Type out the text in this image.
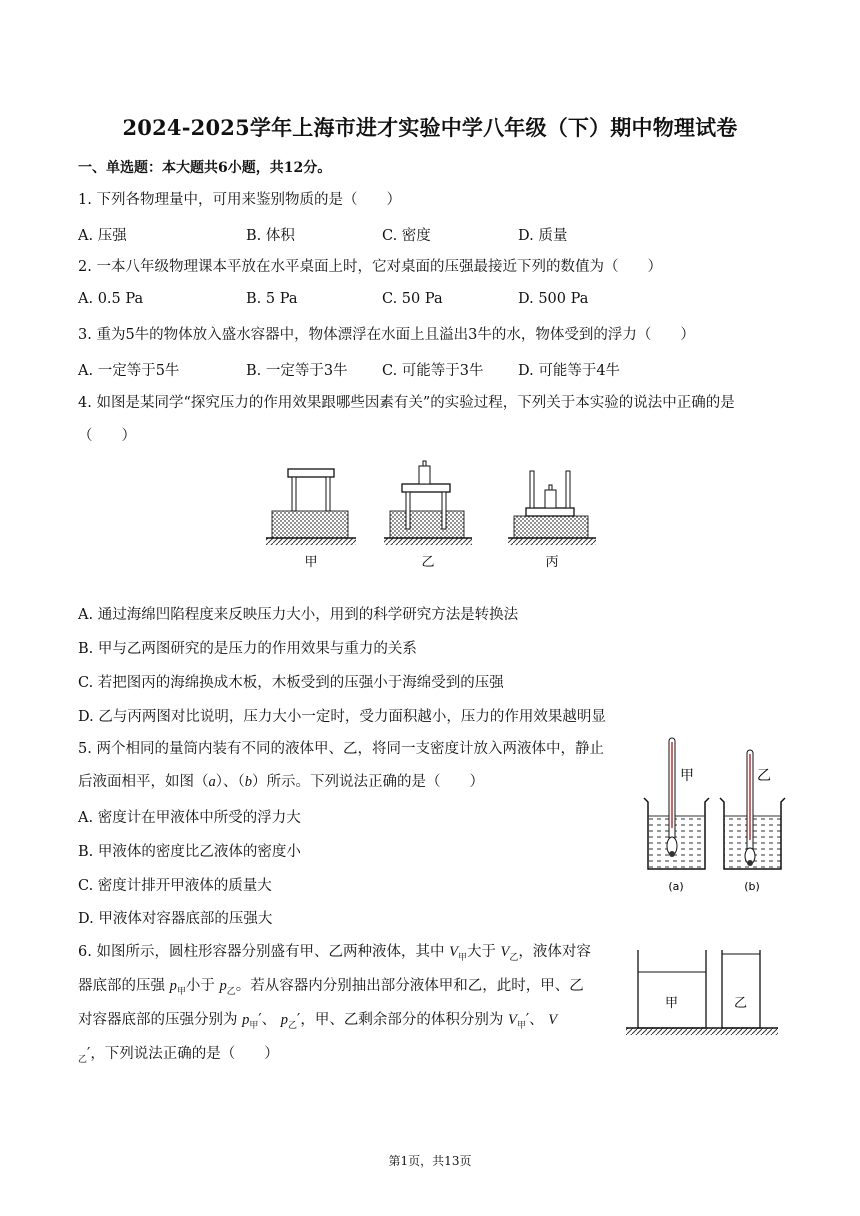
2024-2025学年上海市进才实验中学八年级（下）期中物理试卷
一、单选题：本大题共6小题，共12分。
1. 下列各物理量中，可用来鉴别物质的是（　　）
A. 压强	B. 体积	C. 密度	D. 质量
2. 一本八年级物理课本平放在水平桌面上时，它对桌面的压强最接近下列的数值为（　　）
A. 0.5 Pa	B. 5 Pa	C. 50 Pa	D. 500 Pa
3. 重为5牛的物体放入盛水容器中，物体漂浮在水面上且溢出3牛的水，物体受到的浮力（　　）
A. 一定等于5牛	B. 一定等于3牛 C. 可能等于3牛 D. 可能等于4牛
4. 如图是某同学“探究压力的作用效果跟哪些因素有关”的实验过程，下列关于本实验的说法中正确的是
（　　）
甲	乙	丙
A. 通过海绵凹陷程度来反映压力大小，用到的科学研究方法是转换法
B. 甲与乙两图研究的是压力的作用效果与重力的关系
C. 若把图丙的海绵换成木板，木板受到的压强小于海绵受到的压强
D. 乙与丙两图对比说明，压力大小一定时，受力面积越小，压力的作用效果越明显
5. 两个相同的量筒内装有不同的液体甲、乙，将同一支密度计放入两液体中，静止
后液面相平，如图（a）、（b）所示。下列说法正确的是（　　）
A. 密度计在甲液体中所受的浮力大
B. 甲液体的密度比乙液体的密度小
C. 密度计排开甲液体的质量大
D. 甲液体对容器底部的压强大
甲
(a)
乙
(b)
6. 如图所示，圆柱形容器分别盛有甲、乙两种液体，其中 $V_甲$大于 $V_乙$，液体对容
器底部的压强 $p_甲$小于 $p_乙$。若从容器内分别抽出部分液体甲和乙，此时，甲、乙
对容器底部的压强分别为 $p_甲'$、 $p_乙'$，甲、乙剩余部分的体积分别为 $V_甲'$、 V
$_乙$′，下列说法正确的是（　　）
甲	乙
第1页，共13页
